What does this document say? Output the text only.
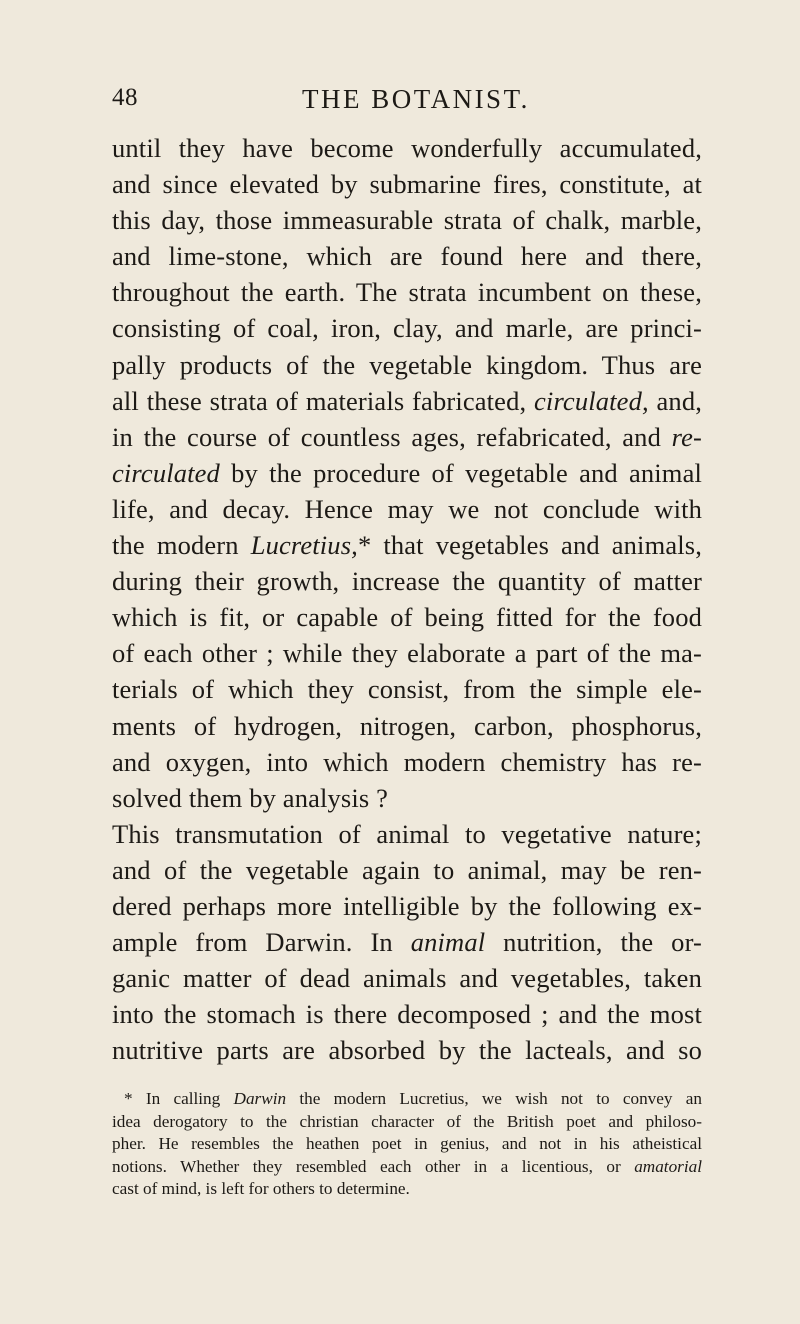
48	THE BOTANIST.
until they have become wonderfully accumulated,
and since elevated by submarine fires, constitute, at
this day, those immeasurable strata of chalk, marble,
and lime-stone, which are found here and there,
throughout the earth. The strata incumbent on these,
consisting of coal, iron, clay, and marle, are princi-
pally products of the vegetable kingdom. Thus are
all these strata of materials fabricated, circulated, and,
in the course of countless ages, refabricated, and re-
circulated by the procedure of vegetable and animal
life, and decay. Hence may we not conclude with
the modern Lucretius,* that vegetables and animals,
during their growth, increase the quantity of matter
which is fit, or capable of being fitted for the food
of each other ; while they elaborate a part of the ma-
terials of which they consist, from the simple ele-
ments of hydrogen, nitrogen, carbon, phosphorus,
and oxygen, into which modern chemistry has re-
solved them by analysis ?
This transmutation of animal to vegetative nature;
and of the vegetable again to animal, may be ren-
dered perhaps more intelligible by the following ex-
ample from Darwin. In animal nutrition, the or-
ganic matter of dead animals and vegetables, taken
into the stomach is there decomposed ; and the most
nutritive parts are absorbed by the lacteals, and so
* In calling Darwin the modern Lucretius, we wish not to convey an
idea derogatory to the christian character of the British poet and philoso-
pher. He resembles the heathen poet in genius, and not in his atheistical
notions. Whether they resembled each other in a licentious, or amatorial
cast of mind, is left for others to determine.
